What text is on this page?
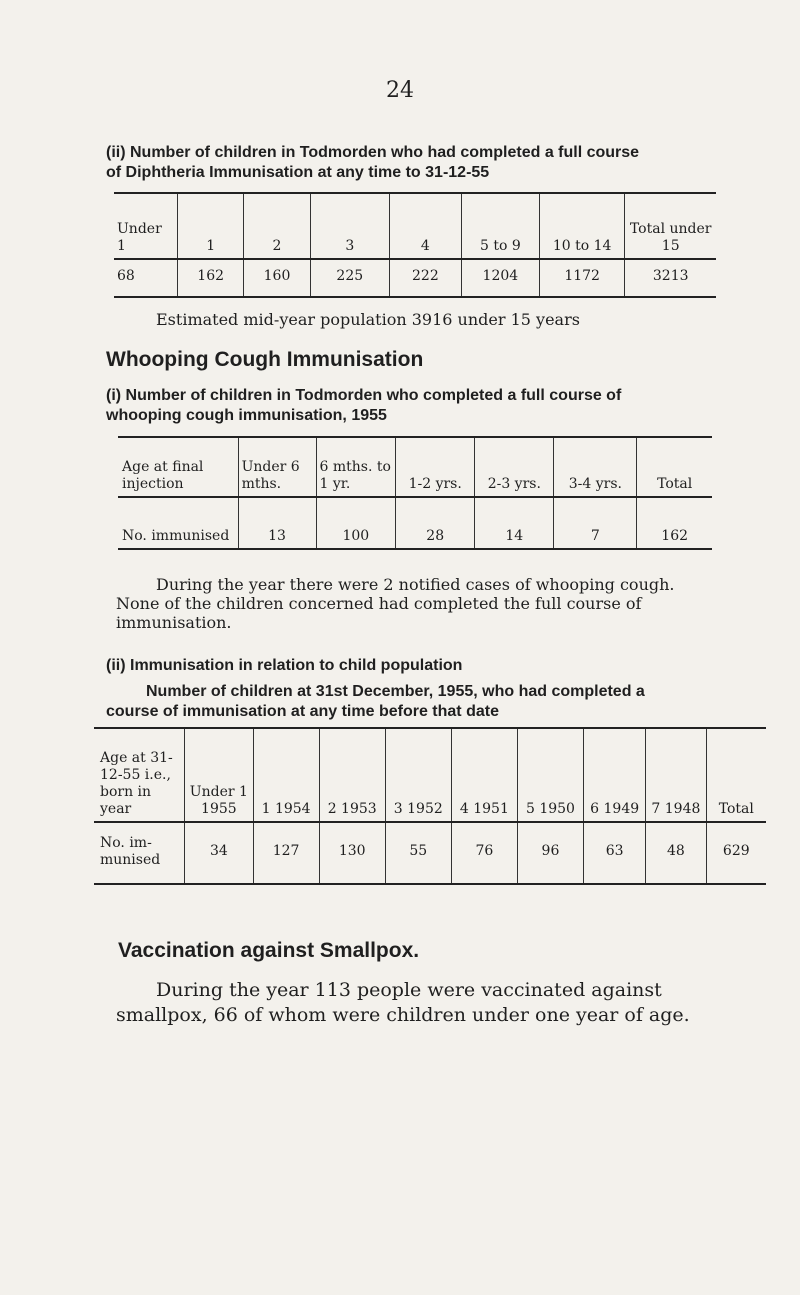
24
(ii) Number of children in Todmorden who had completed a full course
of Diphtheria Immunisation at any time to 31-12-55
Under 1	1	2	3	4	5 to 9	10 to 14	Total under 15
68	162	160	225	222	1204	1172	3213
Estimated mid-year population 3916 under 15 years
Whooping Cough Immunisation
(i) Number of children in Todmorden who completed a full course of
whooping cough immunisation, 1955
Age at final injection	Under 6 mths.	6 mths. to 1 yr.	1-2 yrs.	2-3 yrs.	3-4 yrs.	Total
No. immunised	13	100	28	14	7	162
During the year there were 2 notified cases of whooping cough.
None of the children concerned had completed the full course of
immunisation.
(ii) Immunisation in relation to child population
Number of children at 31st December, 1955, who had completed a
course of immunisation at any time before that date
Age at 31-12-55 i.e., born in year	Under 1 1955	1 1954	2 1953	3 1952	4 1951	5 1950	6 1949	7 1948	Total
No. im- munised	34	127	130	55	76	96	63	48	629
Vaccination against Smallpox.
During the year 113 people were vaccinated against
smallpox, 66 of whom were children under one year of age.
